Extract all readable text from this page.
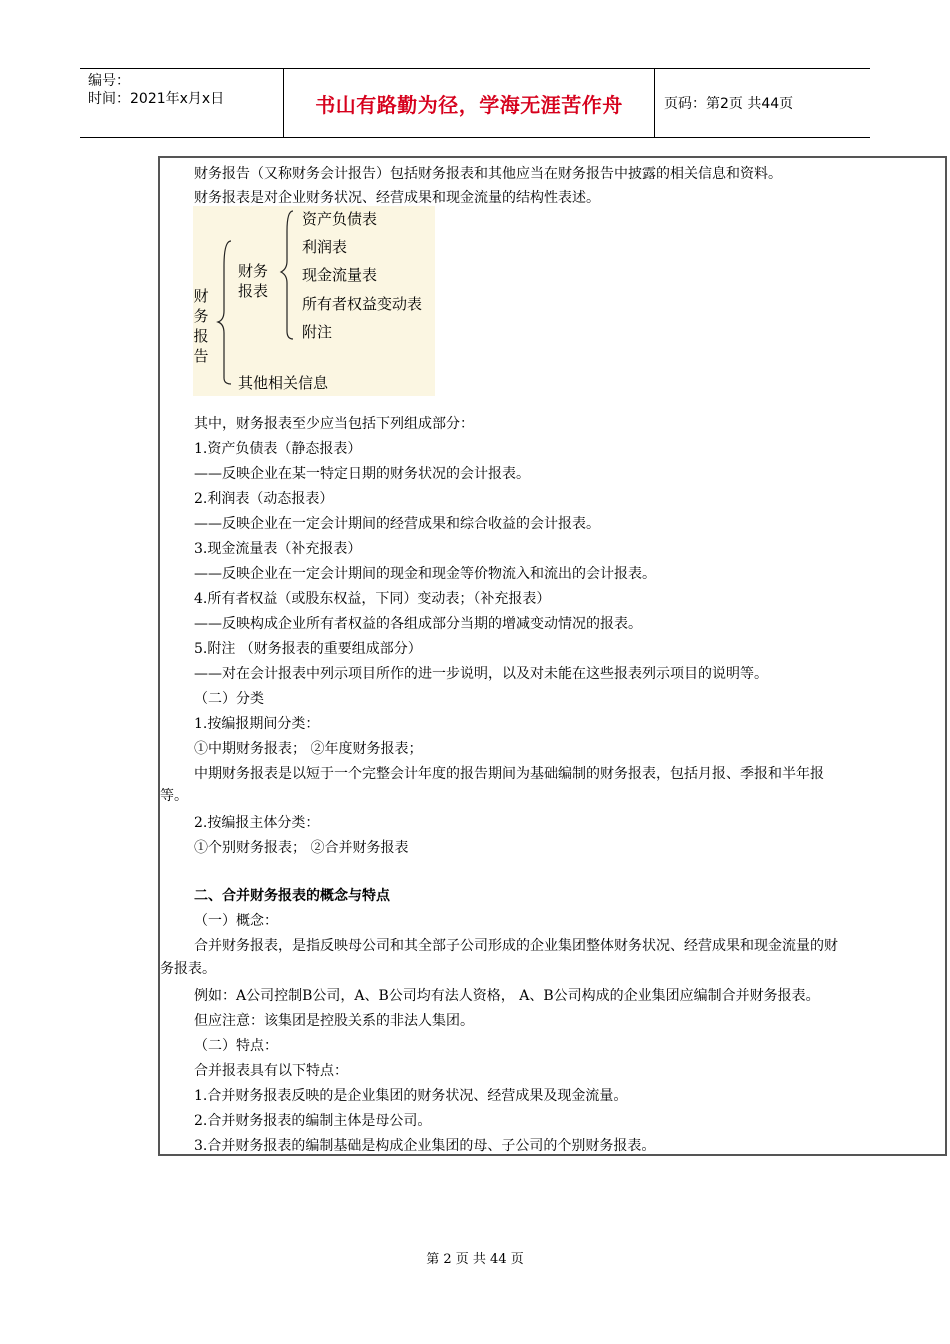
编号：
时间：2021年x月x日	书山有路勤为径，学海无涯苦作舟	页码：第2页 共44页
财务报告（又称财务会计报告）包括财务报表和其他应当在财务报告中披露的相关信息和资料。
财务报表是对企业财务状况、经营成果和现金流量的结构性表述。
财务报告
财务
报表
资产负债表
利润表
现金流量表
所有者权益变动表
附注
其他相关信息
其中，财务报表至少应当包括下列组成部分：
1.资产负债表（静态报表）
——反映企业在某一特定日期的财务状况的会计报表。
2.利润表（动态报表）
——反映企业在一定会计期间的经营成果和综合收益的会计报表。
3.现金流量表（补充报表）
——反映企业在一定会计期间的现金和现金等价物流入和流出的会计报表。
4.所有者权益（或股东权益，下同）变动表；（补充报表）
——反映构成企业所有者权益的各组成部分当期的增减变动情况的报表。
5.附注 （财务报表的重要组成部分）
——对在会计报表中列示项目所作的进一步说明，以及对未能在这些报表列示项目的说明等。
（二）分类
1.按编报期间分类：
①中期财务报表； ②年度财务报表；
中期财务报表是以短于一个完整会计年度的报告期间为基础编制的财务报表，包括月报、季报和半年报
等。
2.按编报主体分类：
①个别财务报表； ②合并财务报表
二、合并财务报表的概念与特点
（一）概念：
合并财务报表，是指反映母公司和其全部子公司形成的企业集团整体财务状况、经营成果和现金流量的财
务报表。
例如：A公司控制B公司，A、B公司均有法人资格， A、B公司构成的企业集团应编制合并财务报表。
但应注意：该集团是控股关系的非法人集团。
（二）特点：
合并报表具有以下特点：
1.合并财务报表反映的是企业集团的财务状况、经营成果及现金流量。
2.合并财务报表的编制主体是母公司。
3.合并财务报表的编制基础是构成企业集团的母、子公司的个别财务报表。
第 2 页 共 44 页
